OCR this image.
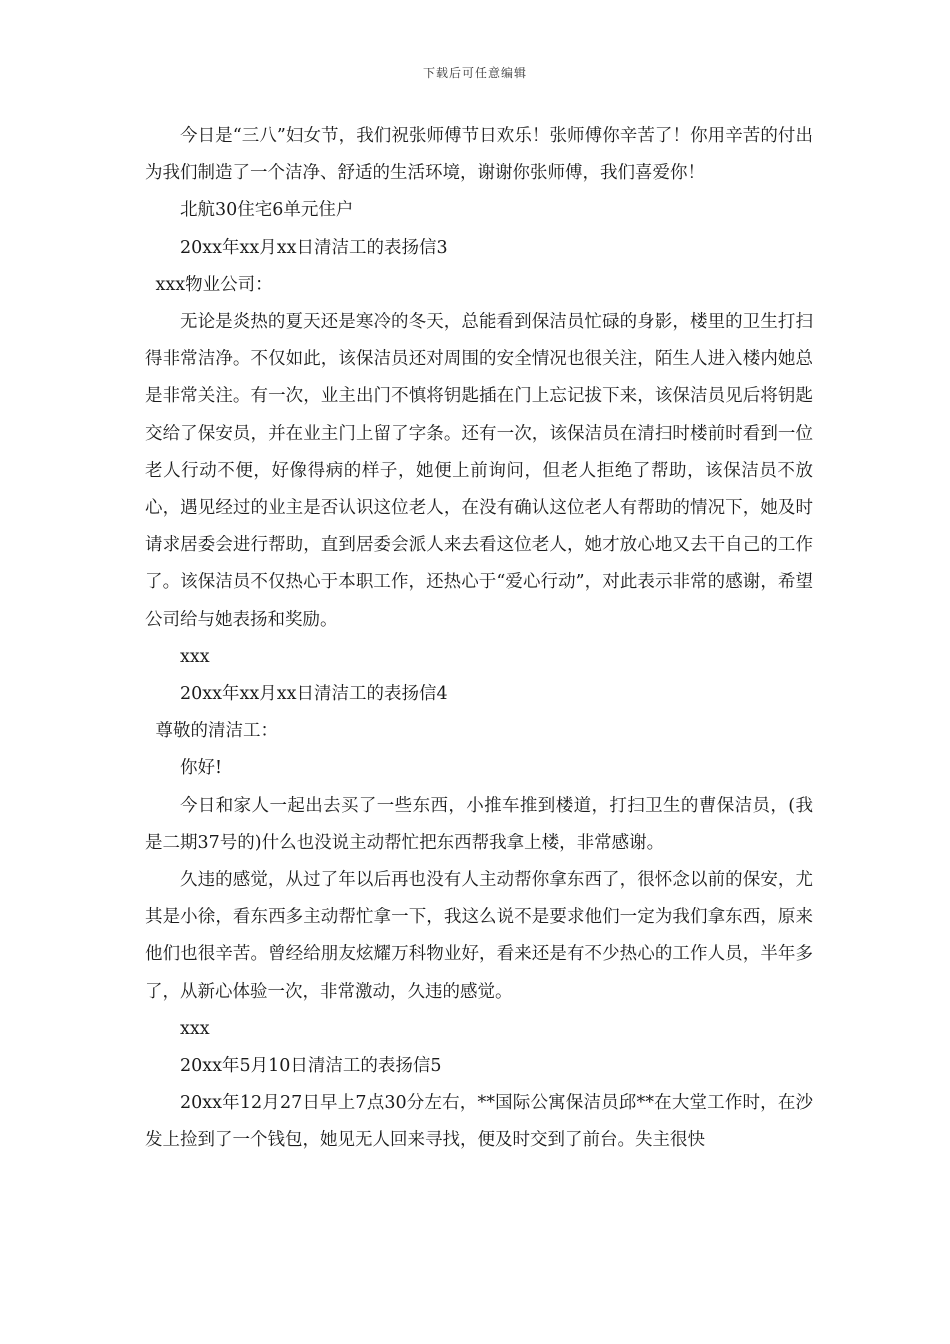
下载后可任意编辑

今日是“三八”妇女节，我们祝张师傅节日欢乐！张师傅你辛苦了！你用辛苦的付出为我们制造了一个洁净、舒适的生活环境，谢谢你张师傅，我们喜爱你！

北航30住宅6单元住户

20xx年xx月xx日清洁工的表扬信3

xxx物业公司：

无论是炎热的夏天还是寒冷的冬天，总能看到保洁员忙碌的身影，楼里的卫生打扫得非常洁净。不仅如此，该保洁员还对周围的安全情况也很关注，陌生人进入楼内她总是非常关注。有一次，业主出门不慎将钥匙插在门上忘记拔下来，该保洁员见后将钥匙交给了保安员，并在业主门上留了字条。还有一次，该保洁员在清扫时楼前时看到一位老人行动不便，好像得病的样子，她便上前询问，但老人拒绝了帮助，该保洁员不放心，遇见经过的业主是否认识这位老人，在没有确认这位老人有帮助的情况下，她及时请求居委会进行帮助，直到居委会派人来去看这位老人，她才放心地又去干自己的工作了。该保洁员不仅热心于本职工作，还热心于“爱心行动”，对此表示非常的感谢，希望公司给与她表扬和奖励。

xxx

20xx年xx月xx日清洁工的表扬信4

尊敬的清洁工：

你好!

今日和家人一起出去买了一些东西，小推车推到楼道，打扫卫生的曹保洁员，(我是二期37号的)什么也没说主动帮忙把东西帮我拿上楼，非常感谢。

久违的感觉，从过了年以后再也没有人主动帮你拿东西了，很怀念以前的保安，尤其是小徐，看东西多主动帮忙拿一下，我这么说不是要求他们一定为我们拿东西，原来他们也很辛苦。曾经给朋友炫耀万科物业好，看来还是有不少热心的工作人员，半年多了，从新心体验一次，非常激动，久违的感觉。

xxx

20xx年5月10日清洁工的表扬信5

20xx年12月27日早上7点30分左右，**国际公寓保洁员邱**在大堂工作时，在沙发上捡到了一个钱包，她见无人回来寻找，便及时交到了前台。失主很快
